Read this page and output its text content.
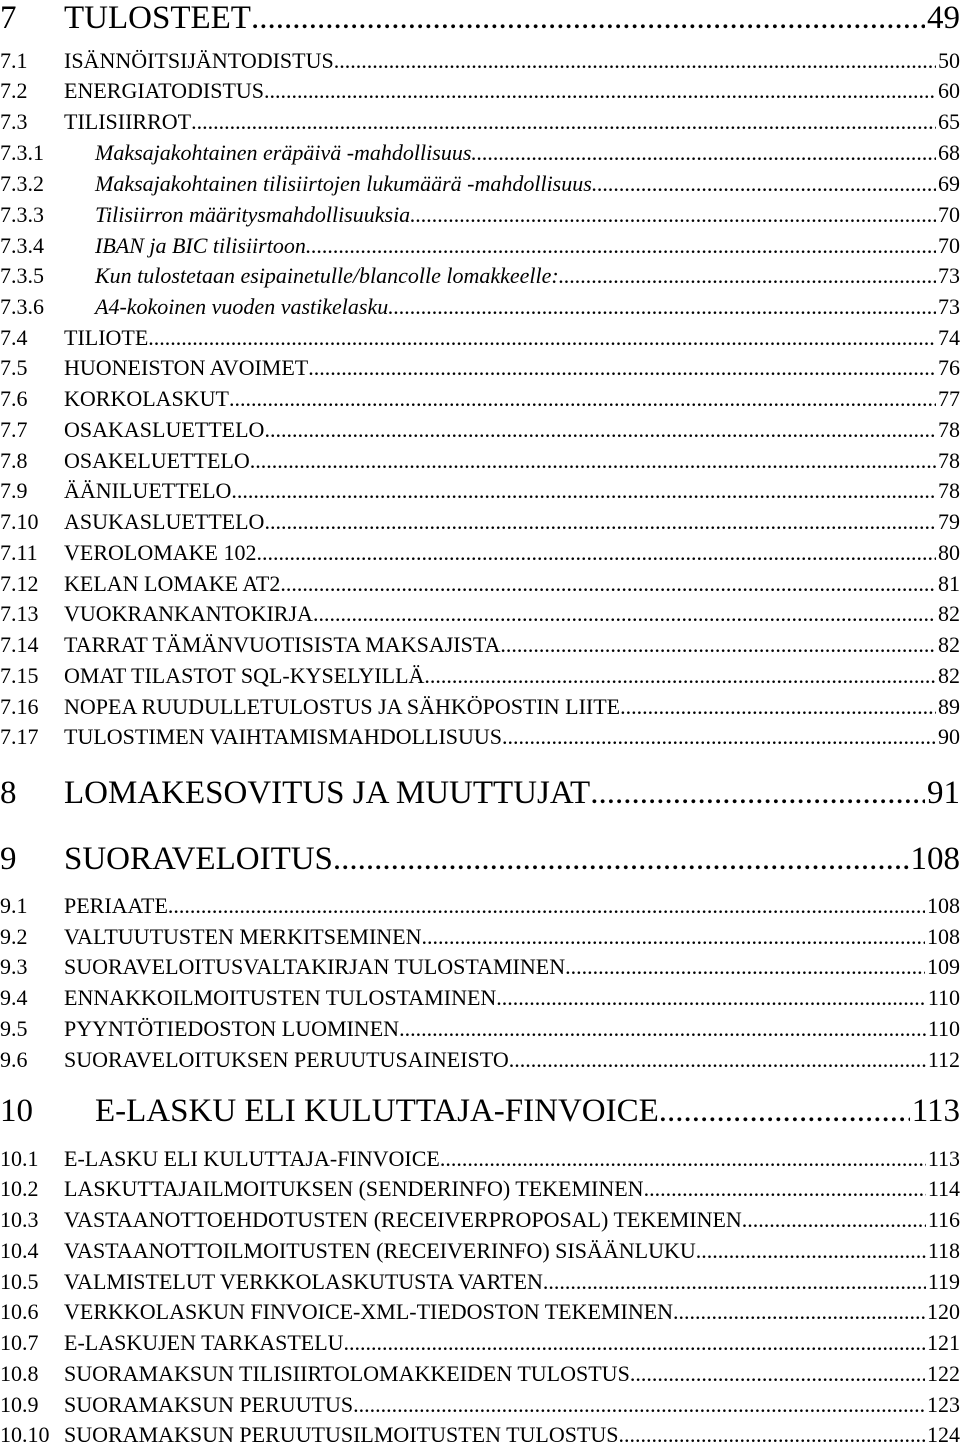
7	TULOSTEET .....	49
7.1	ISÄNNÖITSIJÄNTODISTUS .....	50
7.2	ENERGIATODISTUS .....	60
7.3	TILISIIRROT .....	65
7.3.1	Maksajakohtainen eräpäivä -mahdollisuus .....	68
7.3.2	Maksajakohtainen tilisiirtojen lukumäärä -mahdollisuus .....	69
7.3.3	Tilisiirron määritysmahdollisuuksia .....	70
7.3.4	IBAN ja BIC tilisiirtoon .....	70
7.3.5	Kun tulostetaan esipainetulle/blancolle lomakkeelle: .....	73
7.3.6	A4-kokoinen vuoden vastikelasku .....	73
7.4	TILIOTE .....	74
7.5	HUONEISTON AVOIMET .....	76
7.6	KORKOLASKUT .....	77
7.7	OSAKASLUETTELO .....	78
7.8	OSAKELUETTELO .....	78
7.9	ÄÄNILUETTELO .....	78
7.10	ASUKASLUETTELO .....	79
7.11	VEROLOMAKE 102 .....	80
7.12	KELAN LOMAKE AT2 .....	81
7.13	VUOKRANKANTOKIRJA .....	82
7.14	TARRAT TÄMÄNVUOTISISTA MAKSAJISTA .....	82
7.15	OMAT TILASTOT SQL-KYSELYILLÄ .....	82
7.16	NOPEA RUUDULLETULOSTUS JA SÄHKÖPOSTIN LIITE .....	89
7.17	TULOSTIMEN VAIHTAMISMAHDOLLISUUS .....	90
8	LOMAKESOVITUS JA MUUTTUJAT .....	91
9	SUORAVELOITUS .....	108
9.1	PERIAATE .....	108
9.2	VALTUUTUSTEN MERKITSEMINEN .....	108
9.3	SUORAVELOITUSVALTAKIRJAN TULOSTAMINEN .....	109
9.4	ENNAKKOILMOITUSTEN TULOSTAMINEN .....	110
9.5	PYYNTÖTIEDOSTON LUOMINEN .....	110
9.6	SUORAVELOITUKSEN PERUUTUSAINEISTO .....	112
10	E-LASKU ELI KULUTTAJA-FINVOICE .....	113
10.1	E-LASKU ELI KULUTTAJA-FINVOICE .....	113
10.2	LASKUTTAJAILMOITUKSEN (SENDERINFO) TEKEMINEN .....	114
10.3	VASTAANOTTOEHDOTUSTEN (RECEIVERPROPOSAL) TEKEMINEN .....	116
10.4	VASTAANOTTOILMOITUSTEN (RECEIVERINFO) SISÄÄNLUKU .....	118
10.5	VALMISTELUT VERKKOLASKUTUSTA VARTEN .....	119
10.6	VERKKOLASKUN FINVOICE-XML-TIEDOSTON TEKEMINEN .....	120
10.7	E-LASKUJEN TARKASTELU .....	121
10.8	SUORAMAKSUN TILISIIRTOLOMAKKEIDEN TULOSTUS .....	122
10.9	SUORAMAKSUN PERUUTUS .....	123
10.10 SUORAMAKSUN PERUUTUSILMOITUSTEN TULOSTUS .....	124
